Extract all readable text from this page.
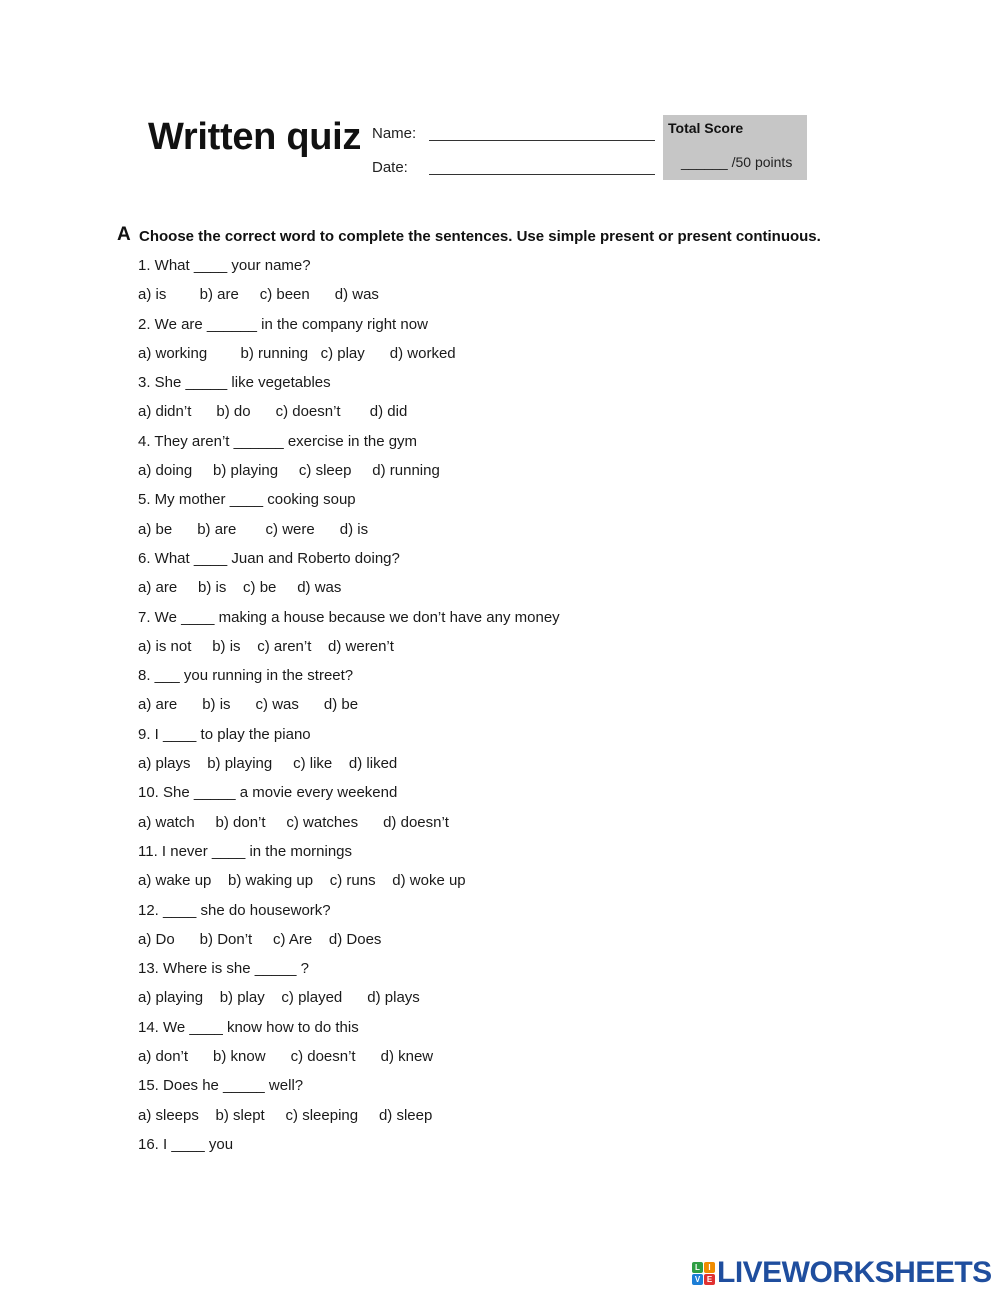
Written quiz Name:
Date:
Total Score
______ /50 points
A Choose the correct word to complete the sentences. Use simple present or present continuous.
1. What ____ your name?
a) is        b) are     c) been      d) was
2. We are ______ in the company right now
a) working        b) running   c) play      d) worked
3. She _____ like vegetables
a) didn’t      b) do      c) doesn’t       d) did
4. They aren’t ______ exercise in the gym
a) doing     b) playing     c) sleep     d) running
5. My mother ____ cooking soup
a) be      b) are       c) were      d) is
6. What ____ Juan and Roberto doing?
a) are     b) is    c) be     d) was
7. We ____ making a house because we don’t have any money
a) is not     b) is    c) aren’t    d) weren’t
8. ___ you running in the street?
a) are      b) is      c) was      d) be
9. I ____ to play the piano
a) plays    b) playing     c) like    d) liked
10. She _____ a movie every weekend
a) watch     b) don’t     c) watches      d) doesn’t
11. I never ____ in the mornings
a) wake up    b) waking up    c) runs    d) woke up
12. ____ she do housework?
a) Do      b) Don’t     c) Are    d) Does
13. Where is she _____ ?
a) playing    b) play    c) played      d) plays
14. We ____ know how to do this
a) don’t      b) know      c) doesn’t      d) knew
15. Does he _____ well?
a) sleeps    b) slept     c) sleeping     d) sleep
16. I ____ you
L	I
V E LIVEWORKSHEETS
